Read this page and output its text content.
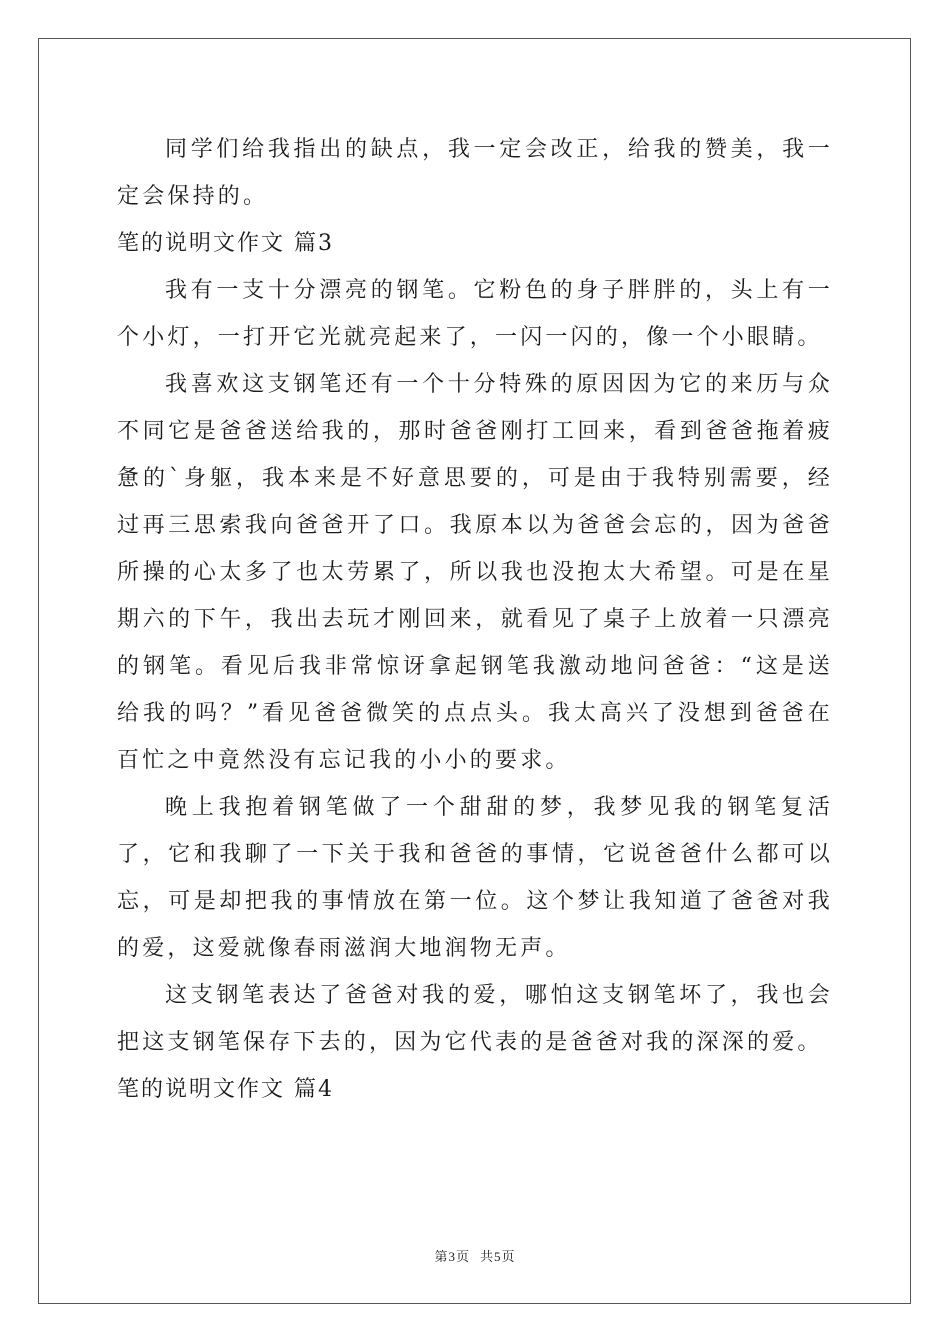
同学们给我指出的缺点，我一定会改正，给我的赞美，我一定会保持的。

笔的说明文作文 篇3

我有一支十分漂亮的钢笔。它粉色的身子胖胖的，头上有一个小灯，一打开它光就亮起来了，一闪一闪的，像一个小眼睛。

我喜欢这支钢笔还有一个十分特殊的原因因为它的来历与众不同它是爸爸送给我的，那时爸爸刚打工回来，看到爸爸拖着疲惫的`身躯，我本来是不好意思要的，可是由于我特别需要，经过再三思索我向爸爸开了口。我原本以为爸爸会忘的，因为爸爸所操的心太多了也太劳累了，所以我也没抱太大希望。可是在星期六的下午，我出去玩才刚回来，就看见了桌子上放着一只漂亮的钢笔。看见后我非常惊讶拿起钢笔我激动地问爸爸：“这是送给我的吗？”看见爸爸微笑的点点头。我太高兴了没想到爸爸在百忙之中竟然没有忘记我的小小的要求。

晚上我抱着钢笔做了一个甜甜的梦，我梦见我的钢笔复活了，它和我聊了一下关于我和爸爸的事情，它说爸爸什么都可以忘，可是却把我的事情放在第一位。这个梦让我知道了爸爸对我的爱，这爱就像春雨滋润大地润物无声。

这支钢笔表达了爸爸对我的爱，哪怕这支钢笔坏了，我也会把这支钢笔保存下去的，因为它代表的是爸爸对我的深深的爱。

笔的说明文作文 篇4

第3页 共5页
